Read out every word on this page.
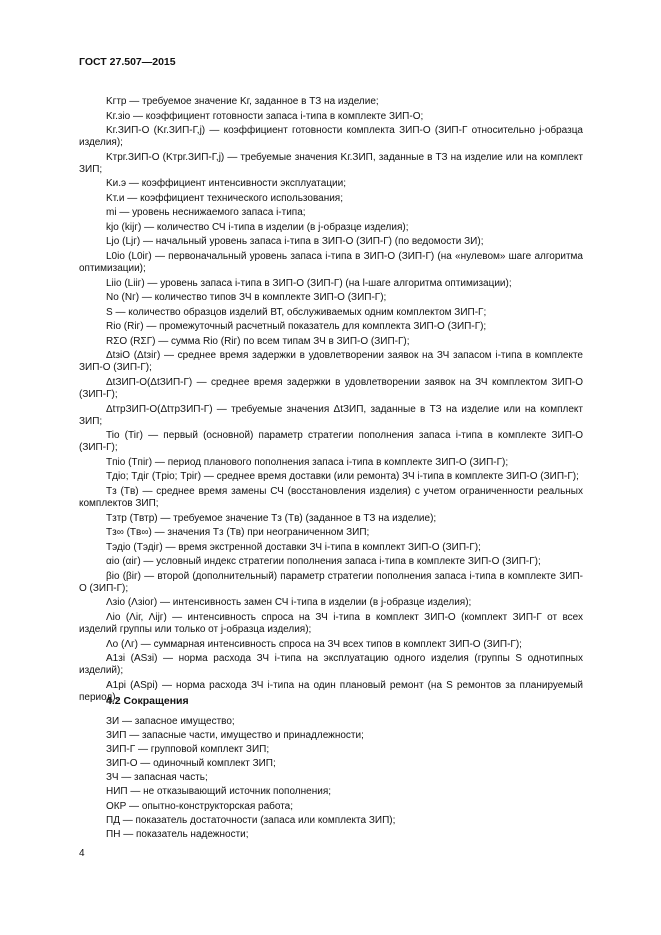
ГОСТ 27.507—2015

Kгтр — требуемое значение Kг, заданное в ТЗ на изделие;

Kг.зiо — коэффициент готовности запаса i-типа в комплекте ЗИП-О;

Kг.ЗИП-О (Kг.ЗИП-Г,j) — коэффициент готовности комплекта ЗИП-О (ЗИП-Г относительно j-образца изделия);

Kтрг.ЗИП-О (Kтрг.ЗИП-Г,j) — требуемые значения Kг.ЗИП, заданные в ТЗ на изделие или на комплект ЗИП;

Kи.э — коэффициент интенсивности эксплуатации;

Kт.и — коэффициент технического использования;

mi — уровень неснижаемого запаса i-типа;

kjо (kijг) — количество СЧ i-типа в изделии (в j-образце изделия);

Ljо (Ljг) — начальный уровень запаса i-типа в ЗИП-О (ЗИП-Г) (по ведомости ЗИ);

L0iо (L0iг) — первоначальный уровень запаса i-типа в ЗИП-О (ЗИП-Г) (на «нулевом» шаге алгоритма оптимизации);

Liiо (Liiг) — уровень запаса i-типа в ЗИП-О (ЗИП-Г) (на l-шаге алгоритма оптимизации);

Nо (Nг) — количество типов ЗЧ в комплекте ЗИП-О (ЗИП-Г);

S — количество образцов изделий ВТ, обслуживаемых одним комплектом ЗИП-Г;

Riо (Riг) — промежуточный расчетный показатель для комплекта ЗИП-О (ЗИП-Г);

RΣО (RΣГ) — сумма Riо (Riг) по всем типам ЗЧ в ЗИП-О (ЗИП-Г);

ΔtзiO (Δtзiг) — среднее время задержки в удовлетворении заявок на ЗЧ запасом i-типа в комплекте ЗИП-О (ЗИП-Г);

ΔtЗИП-О(ΔtЗИП-Г) — среднее время задержки в удовлетворении заявок на ЗЧ комплектом ЗИП-О (ЗИП-Г);

ΔtтрЗИП-О(ΔtтрЗИП-Г) — требуемые значения ΔtЗИП, заданные в ТЗ на изделие или на комплект ЗИП;

Tiо (Tiг) — первый (основной) параметр стратегии пополнения запаса i-типа в комплекте ЗИП-О (ЗИП-Г);

Tпiо (Tпiг) — период планового пополнения запаса i-типа в комплекте ЗИП-О (ЗИП-Г);

Tдiо; Tдiг (Tрiо; Tрiг) — среднее время доставки (или ремонта) ЗЧ i-типа в комплекте ЗИП-О (ЗИП-Г);

Tз (Tв) — среднее время замены СЧ (восстановления изделия) с учетом ограниченности реальных комплектов ЗИП;

Tзтр (Tвтр) — требуемое значение Tз (Tв) (заданное в ТЗ на изделие);

Tз∞ (Tв∞) — значения Tз (Tв) при неограниченном ЗИП;

Tэдiо (Tэдiг) — время экстренной доставки ЗЧ i-типа в комплект ЗИП-О (ЗИП-Г);

αiо (αiг) — условный индекс стратегии пополнения запаса i-типа в комплекте ЗИП-О (ЗИП-Г);

βiо (βiг) — второй (дополнительный) параметр стратегии пополнения запаса i-типа в комплекте ЗИП-О (ЗИП-Г);

Λзiо (Λзiог) — интенсивность замен СЧ i-типа в изделии (в j-образце изделия);

Λiо (Λiг, Λijг) — интенсивность спроса на ЗЧ i-типа в комплект ЗИП-О (комплект ЗИП-Г от всех изделий группы или только от j-образца изделия);

Λо (Λг) — суммарная интенсивность спроса на ЗЧ всех типов в комплект ЗИП-О (ЗИП-Г);

A1зi (ASзi) — норма расхода ЗЧ i-типа на эксплуатацию одного изделия (группы S однотипных изделий);

A1рi (ASрi) — норма расхода ЗЧ i-типа на один плановый ремонт (на S ремонтов за планируемый период).

4.2 Сокращения
ЗИ — запасное имущество;
ЗИП — запасные части, имущество и принадлежности;
ЗИП-Г — групповой комплект ЗИП;
ЗИП-О — одиночный комплект ЗИП;
ЗЧ — запасная часть;
НИП — не отказывающий источник пополнения;
ОКР — опытно-конструкторская работа;
ПД — показатель достаточности (запаса или комплекта ЗИП);
ПН — показатель надежности;
4
